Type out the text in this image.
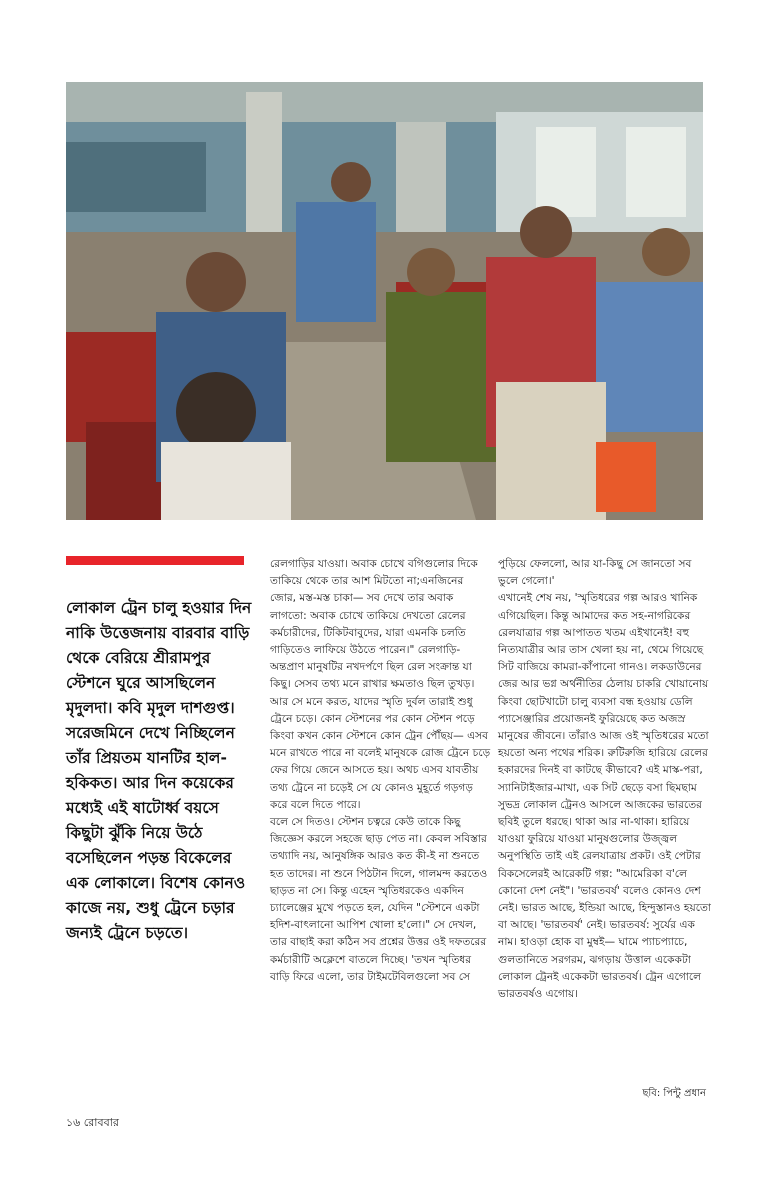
লোকাল ট্রেন চালু হওয়ার দিন নাকি উত্তেজনায় বারবার বাড়ি থেকে বেরিয়ে শ্রীরামপুর স্টেশনে ঘুরে আসছিলেন মৃদুলদা। কবি মৃদুল দাশগুপ্ত। সরেজমিনে দেখে নিচ্ছিলেন তাঁর প্রিয়তম যানটির হাল-হকিকত। আর দিন কয়েকের মধ্যেই এই ষাটোর্ধ্ব বয়সে কিছুটা ঝুঁকি নিয়ে উঠে বসেছিলেন পড়ন্ত বিকেলের এক লোকালে। বিশেষ কোনও কাজে নয়, শুধু ট্রেনে চড়ার জন্যই ট্রেনে চড়তে।

রেলগাড়ির যাওয়া। অবাক চোখে বগিগুলোর দিকে তাকিয়ে থেকে তার আশ মিটতো না;এনজিনের জোর, মস্ত-মস্ত চাকা— সব দেখে তার অবাক লাগতো: অবাক চোখে তাকিয়ে দেখতো রেলের কর্মচারীদের, টিকিটবাবুদের, যারা এমনকি চলতি গাড়িতেও লাফিয়ে উঠতে পারেন।" রেলগাড়ি-অন্তপ্রাণ মানুষটির নখদর্পণে ছিল রেল সংক্রান্ত যা কিছু। সেসব তথ্য মনে রাখার ক্ষমতাও ছিল তুখড়। আর সে মনে করত, যাদের স্মৃতি দুর্বল তারাই শুধু ট্রেনে চড়ে। কোন স্টেশনের পর কোন স্টেশন পড়ে কিংবা কখন কোন স্টেশনে কোন ট্রেন পৌঁছয়— এসব মনে রাখতে পারে না বলেই মানুষকে রোজ ট্রেনে চড়ে ফের গিয়ে জেনে আসতে হয়। অথচ এসব যাবতীয় তথ্য ট্রেনে না চড়েই সে যে কোনও মুহূর্তে গড়গড় করে বলে দিতে পারে।
বলে সে দিতও। স্টেশন চত্বরে কেউ তাকে কিছু জিজ্ঞেস করলে সহজে ছাড় পেত না। কেবল সবিস্তার তথ্যাদি নয়, আনুষঙ্গিক আরও কত কী-ই না শুনতে হত তাদের। না শুনে পিঠটান দিলে, গালমন্দ করতেও ছাড়ত না সে। কিন্তু এহেন স্মৃতিধরকেও একদিন চ্যালেঞ্জের মুখে পড়তে হল, যেদিন "স্টেশনে একটা হদিশ-বাৎলানো আপিশ খোলা হ'লো।" সে দেখল, তার বাছাই করা কঠিন সব প্রশ্নের উত্তর ওই দফতরের কর্মচারীটি অক্লেশে বাতলে দিচ্ছে। 'তখন স্মৃতিধর বাড়ি ফিরে এলো, তার টাইমটেবিলগুলো সব সে

পুড়িয়ে ফেললো, আর যা-কিছু সে জানতো সব ভুলে গেলো।'
এখানেই শেষ নয়, 'স্মৃতিধরের গল্প আরও খানিক এগিয়েছিল। কিন্তু আমাদের কত সহ-নাগরিকের রেলযাত্রার গল্প আপাতত খতম এইখানেই! বহু নিত্যযাত্রীর আর তাস খেলা হয় না, থেমে গিয়েছে সিট বাজিয়ে কামরা-কাঁপানো গানও। লকডাউনের জের আর ভগ্ন অর্থনীতির ঠেলায় চাকরি খোয়ানোয় কিংবা ছোটখাটো চালু ব্যবসা বন্ধ হওয়ায় ডেলি প্যাসেঞ্জারির প্রয়োজনই ফুরিয়েছে কত অজস্র মানুষের জীবনে। তাঁরাও আজ ওই স্মৃতিধরের মতো হয়তো অন্য পথের শরিক। রুটিরুজি হারিয়ে রেলের হকারদের দিনই বা কাটছে কীভাবে? এই মাস্ক-পরা, স্যানিটাইজার-মাখা, এক সিট ছেড়ে বসা ছিমছাম সুভদ্র লোকাল ট্রেনও আসলে আজকের ভারতের ছবিই তুলে ধরছে। থাকা আর না-থাকা। হারিয়ে যাওয়া ফুরিয়ে যাওয়া মানুষগুলোর উজ্জ্বল অনুপস্থিতি তাই এই রেলযাত্রায় প্রকট। ওই পেটার বিকসেলেরই আরেকটি গল্প: "আমেরিকা ব'লে কোনো দেশ নেই"। 'ভারতবর্ষ' বলেও কোনও দেশ নেই। ভারত আছে, ইন্ডিয়া আছে, হিন্দুস্তানও হয়তো বা আছে। 'ভারতবর্ষ' নেই। ভারতবর্ষ: সুর্যের এক নাম। হাওড়া হোক বা মুম্বই— ঘামে প্যাচপ্যাচে, গুলতানিতে সরগরম, ঝগড়ায় উত্তাল একেকটা লোকাল ট্রেনই একেকটা ভারতবর্ষ। ট্রেন এগোলে ভারতবর্ষও এগোয়।

ছবি: পিন্টু প্রধান
১৬ রোববার
